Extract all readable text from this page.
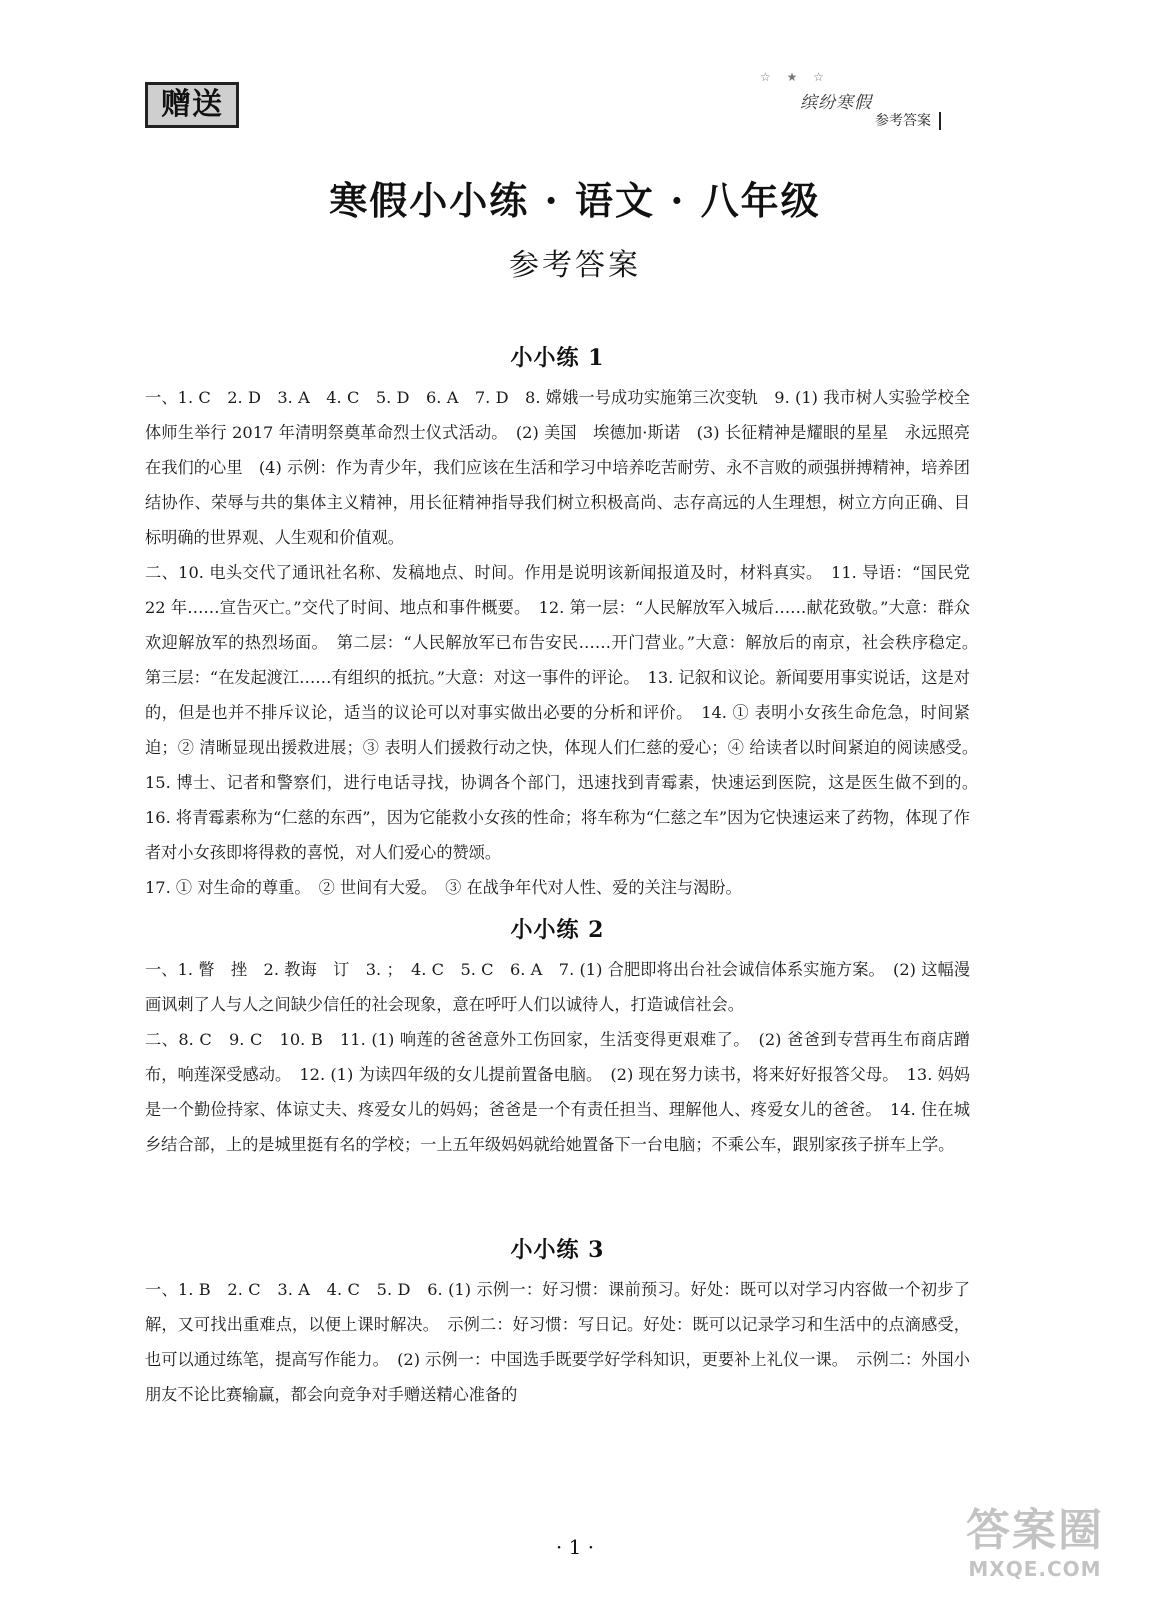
赠送
☆ ★ ☆
缤纷寒假
参考答案
寒假小小练 · 语文 · 八年级
参考答案
小小练 1
一、1. C　2. D　3. A　4. C　5. D　6. A　7. D　8. 嫦娥一号成功实施第三次变轨　9. (1) 我市树人实验学校全体师生举行 2017 年清明祭奠革命烈士仪式活动。　(2) 美国　埃德加·斯诺　(3) 长征精神是耀眼的星星　永远照亮在我们的心里　(4) 示例：作为青少年，我们应该在生活和学习中培养吃苦耐劳、永不言败的顽强拼搏精神，培养团结协作、荣辱与共的集体主义精神，用长征精神指导我们树立积极高尚、志存高远的人生理想，树立方向正确、目标明确的世界观、人生观和价值观。
二、10. 电头交代了通讯社名称、发稿地点、时间。作用是说明该新闻报道及时，材料真实。　11. 导语：“国民党 22 年……宣告灭亡。”交代了时间、地点和事件概要。　12. 第一层：“人民解放军入城后……献花致敬。”大意：群众欢迎解放军的热烈场面。　第二层：“人民解放军已布告安民……开门营业。”大意：解放后的南京，社会秩序稳定。　第三层：“在发起渡江……有组织的抵抗。”大意：对这一事件的评论。　13. 记叙和议论。新闻要用事实说话，这是对的，但是也并不排斥议论，适当的议论可以对事实做出必要的分析和评价。　14. ① 表明小女孩生命危急，时间紧迫；② 清晰显现出援救进展；③ 表明人们援救行动之快，体现人们仁慈的爱心；④ 给读者以时间紧迫的阅读感受。　15. 博士、记者和警察们，进行电话寻找，协调各个部门，迅速找到青霉素，快速运到医院，这是医生做不到的。　16. 将青霉素称为“仁慈的东西”，因为它能救小女孩的性命；将车称为“仁慈之车”因为它快速运来了药物，体现了作者对小女孩即将得救的喜悦，对人们爱心的赞颂。
17. ① 对生命的尊重。　② 世间有大爱。　③ 在战争年代对人性、爱的关注与渴盼。
小小练 2
一、1. 瞥　挫　2. 教诲　订　3. ；　4. C　5. C　6. A　7. (1) 合肥即将出台社会诚信体系实施方案。　(2) 这幅漫画讽刺了人与人之间缺少信任的社会现象，意在呼吁人们以诚待人，打造诚信社会。
二、8. C　9. C　10. B　11. (1) 响莲的爸爸意外工伤回家，生活变得更艰难了。　(2) 爸爸到专营再生布商店蹭布，响莲深受感动。　12. (1) 为读四年级的女儿提前置备电脑。　(2) 现在努力读书，将来好好报答父母。　13. 妈妈是一个勤俭持家、体谅丈夫、疼爱女儿的妈妈；爸爸是一个有责任担当、理解他人、疼爱女儿的爸爸。　14. 住在城乡结合部，上的是城里挺有名的学校；一上五年级妈妈就给她置备下一台电脑；不乘公车，跟别家孩子拼车上学。
小小练 3
一、1. B　2. C　3. A　4. C　5. D　6. (1) 示例一：好习惯：课前预习。好处：既可以对学习内容做一个初步了解，又可找出重难点，以便上课时解决。　示例二：好习惯：写日记。好处：既可以记录学习和生活中的点滴感受，也可以通过练笔，提高写作能力。　(2) 示例一：中国选手既要学好学科知识，更要补上礼仪一课。　示例二：外国小朋友不论比赛输赢，都会向竞争对手赠送精心准备的
· 1 ·	答案圈
MXQE.COM
